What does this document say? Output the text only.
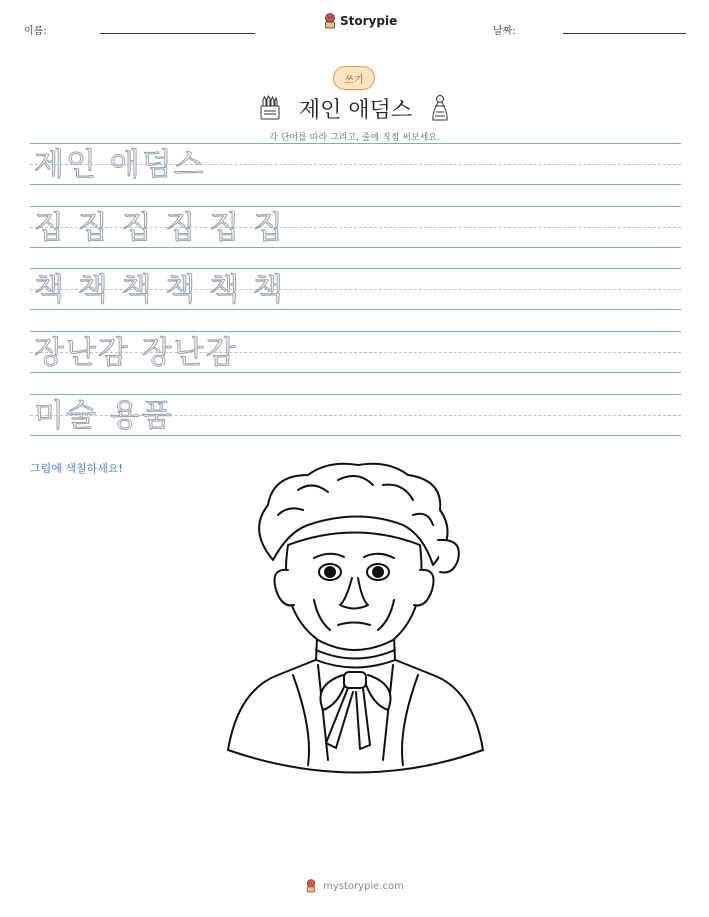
이름:
Storypie
날짜:
쓰기
제인 애덤스
각 단어를 따라 그리고, 줄에 직접 써보세요.
제인 애덤스
집 집 집 집 집 집
책 책 책 책 책 책
장난감 장난감
미술 용품
그림에 색칠하세요!
mystorypie.com
